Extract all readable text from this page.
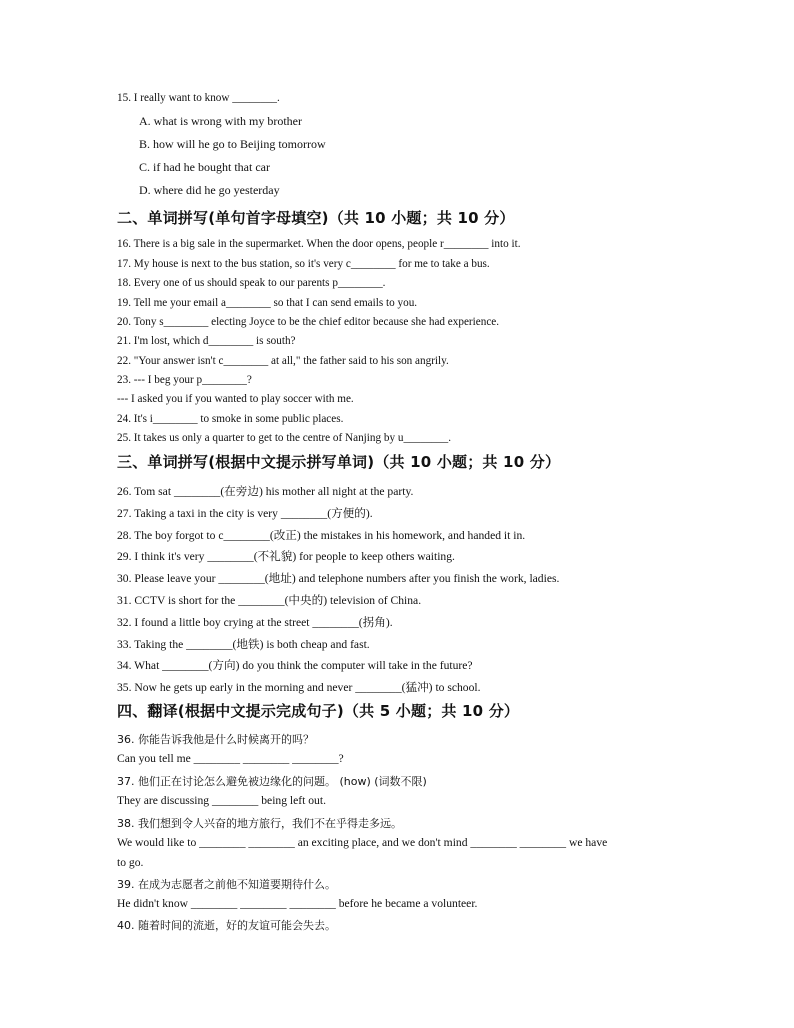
15. I really want to know ________.
A. what is wrong with my brother
B. how will he go to Beijing tomorrow
C. if had he bought that car
D. where did he go yesterday
二、单词拼写(单句首字母填空)（共 10 小题；共 10 分）
16. There is a big sale in the supermarket. When the door opens, people r________ into it.
17. My house is next to the bus station, so it's very c________ for me to take a bus.
18. Every one of us should speak to our parents p________.
19. Tell me your email a________ so that I can send emails to you.
20. Tony s________ electing Joyce to be the chief editor because she had experience.
21. I'm lost, which d________ is south?
22. "Your answer isn't c________ at all," the father said to his son angrily.
23. --- I beg your p________?
--- I asked you if you wanted to play soccer with me.
24. It's i________ to smoke in some public places.
25. It takes us only a quarter to get to the centre of Nanjing by u________.
三、单词拼写(根据中文提示拼写单词)（共 10 小题；共 10 分）
26. Tom sat ________(在旁边) his mother all night at the party.
27. Taking a taxi in the city is very ________(方便的).
28. The boy forgot to c________(改正) the mistakes in his homework, and handed it in.
29. I think it's very ________(不礼貌) for people to keep others waiting.
30. Please leave your ________(地址) and telephone numbers after you finish the work, ladies.
31. CCTV is short for the ________(中央的) television of China.
32. I found a little boy crying at the street ________(拐角).
33. Taking the ________(地铁) is both cheap and fast.
34. What ________(方向) do you think the computer will take in the future?
35. Now he gets up early in the morning and never ________(猛冲) to school.
四、翻译(根据中文提示完成句子)（共 5 小题；共 10 分）
36. 你能告诉我他是什么时候离开的吗？
Can you tell me ________ ________ ________?
37. 他们正在讨论怎么避免被边缘化的问题。 (how) (词数不限)
They are discussing ________ being left out.
38. 我们想到令人兴奋的地方旅行，我们不在乎得走多远。
We would like to ________ ________ an exciting place, and we don't mind ________ ________ we have
to go.
39. 在成为志愿者之前他不知道要期待什么。
He didn't know ________ ________ ________ before he became a volunteer.
40. 随着时间的流逝，好的友谊可能会失去。
